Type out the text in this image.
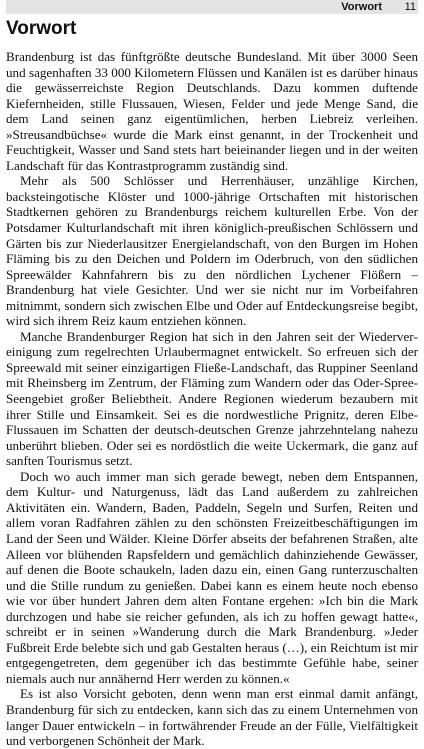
Vorwort 11
Vorwort

Brandenburg ist das fünftgrößte deutsche Bundesland. Mit über 3000 Seen und sagenhaften 33 000 Kilometern Flüssen und Kanälen ist es darüber hinaus die gewässerreichste Region Deutschlands. Dazu kommen duftende Kiefernheiden, stille Flussauen, Wiesen, Felder und jede Menge Sand, die dem Land seinen ganz eigentümlichen, herben Liebreiz verleihen. »Streusandbüchse« wurde die Mark einst genannt, in der Trockenheit und Feuchtigkeit, Wasser und Sand stets hart beieinander liegen und in der weiten Landschaft für das Kontrastprogramm zuständig sind.

Mehr als 500 Schlösser und Herrenhäuser, unzählige Kirchen, backsteingotische Klöster und 1000-jährige Ortschaften mit historischen Stadtkernen gehören zu Brandenburgs reichem kulturellen Erbe. Von der Potsdamer Kulturlandschaft mit ihren königlich-preußischen Schlössern und Gärten bis zur Niederlausitzer Energielandschaft, von den Burgen im Hohen Fläming bis zu den Deichen und Poldern im Oderbruch, von den südlichen Spreewälder Kahnfahrern bis zu den nördlichen Lychener Flößern – Brandenburg hat viele Gesichter. Und wer sie nicht nur im Vorbeifahren mitnimmt, sondern sich zwischen Elbe und Oder auf Entdeckungsreise begibt, wird sich ihrem Reiz kaum entziehen können.

Manche Brandenburger Region hat sich in den Jahren seit der Wiedervereinigung zum regelrechten Urlaubermagnet entwickelt. So erfreuen sich der Spreewald mit seiner einzigartigen Fließe-Landschaft, das Ruppiner Seenland mit Rheinsberg im Zentrum, der Fläming zum Wandern oder das Oder-Spree-Seengebiet großer Beliebtheit. Andere Regionen wiederum bezaubern mit ihrer Stille und Einsamkeit. Sei es die nordwestliche Prignitz, deren Elbe-Flussauen im Schatten der deutsch-deutschen Grenze jahrzehntelang nahezu unberührt blieben. Oder sei es nordöstlich die weite Uckermark, die ganz auf sanften Tourismus setzt.

Doch wo auch immer man sich gerade bewegt, neben dem Entspannen, dem Kultur- und Naturgenuss, lädt das Land außerdem zu zahlreichen Aktivitäten ein. Wandern, Baden, Paddeln, Segeln und Surfen, Reiten und allem voran Radfahren zählen zu den schönsten Freizeitbeschäftigungen im Land der Seen und Wälder. Kleine Dörfer abseits der befahrenen Straßen, alte Alleen vor blühenden Rapsfeldern und gemächlich dahinziehende Gewässer, auf denen die Boote schaukeln, laden dazu ein, einen Gang runterzuschalten und die Stille rundum zu genießen. Dabei kann es einem heute noch ebenso wie vor über hundert Jahren dem alten Fontane ergehen: »Ich bin die Mark durchzogen und habe sie reicher gefunden, als ich zu hoffen gewagt hatte«, schreibt er in seinen »Wanderung durch die Mark Brandenburg. »Jeder Fußbreit Erde belebte sich und gab Gestalten heraus (…), ein Reichtum ist mir entgegengetreten, dem gegenüber ich das bestimmte Gefühle habe, seiner niemals auch nur annähernd Herr werden zu können.«

Es ist also Vorsicht geboten, denn wenn man erst einmal damit anfängt, Brandenburg für sich zu entdecken, kann sich das zu einem Unternehmen von langer Dauer entwickeln – in fortwährender Freude an der Fülle, Vielfältigkeit und verborgenen Schönheit der Mark.
